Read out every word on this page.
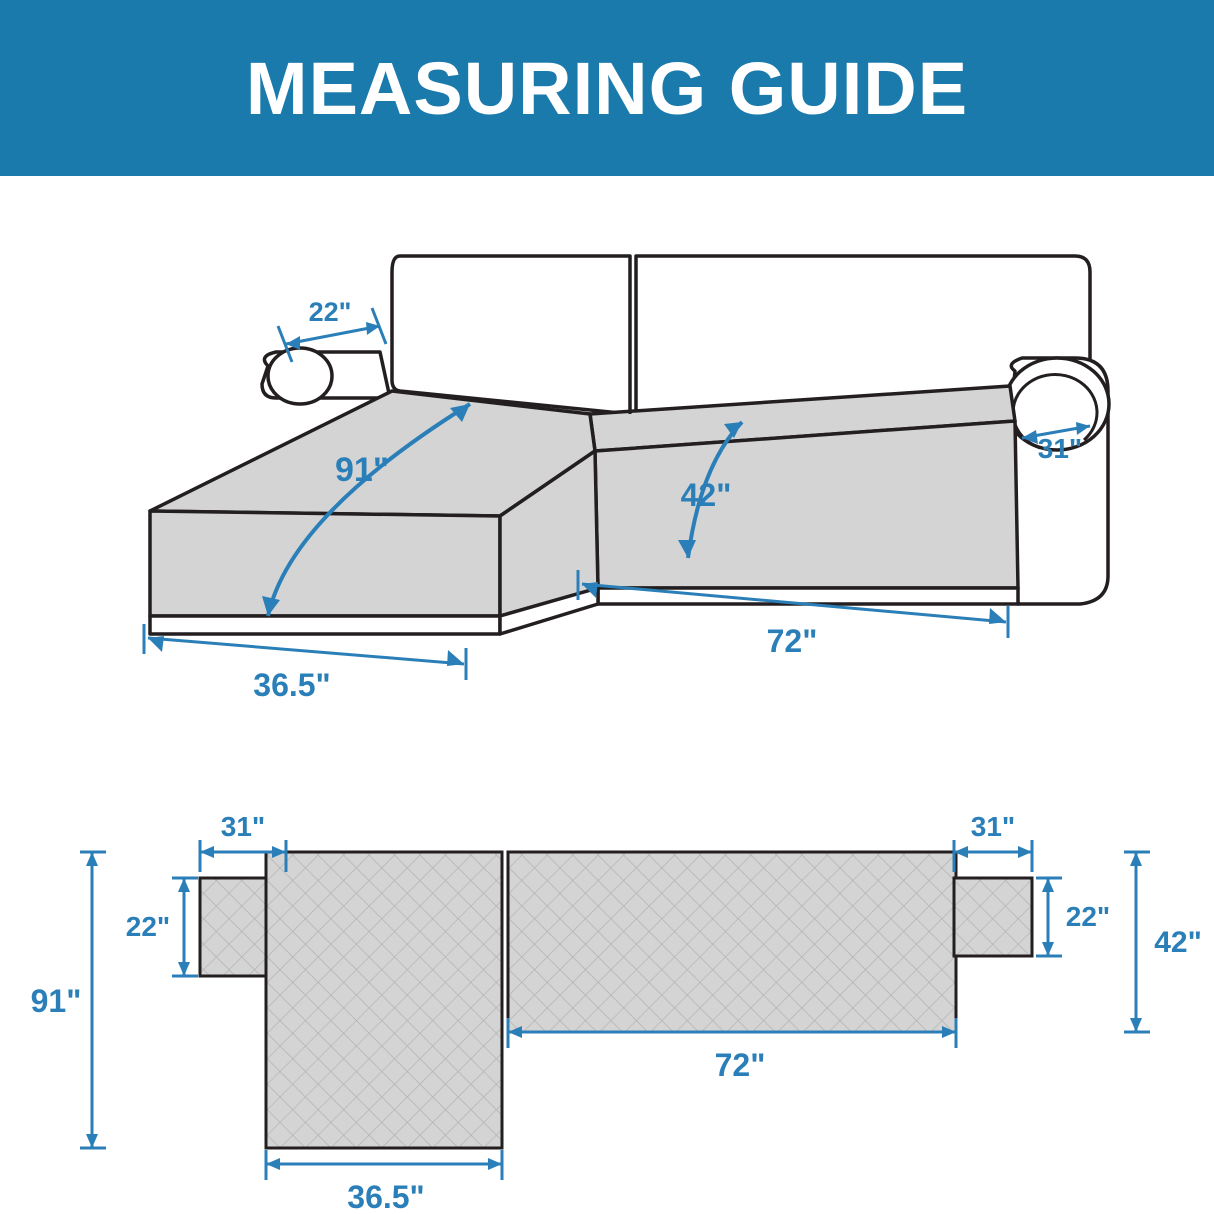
MEASURING GUIDE
22"
91"
42"
31"
36.5"
72"
31"	31"
22"	22"
42"
91"
72"
36.5"
